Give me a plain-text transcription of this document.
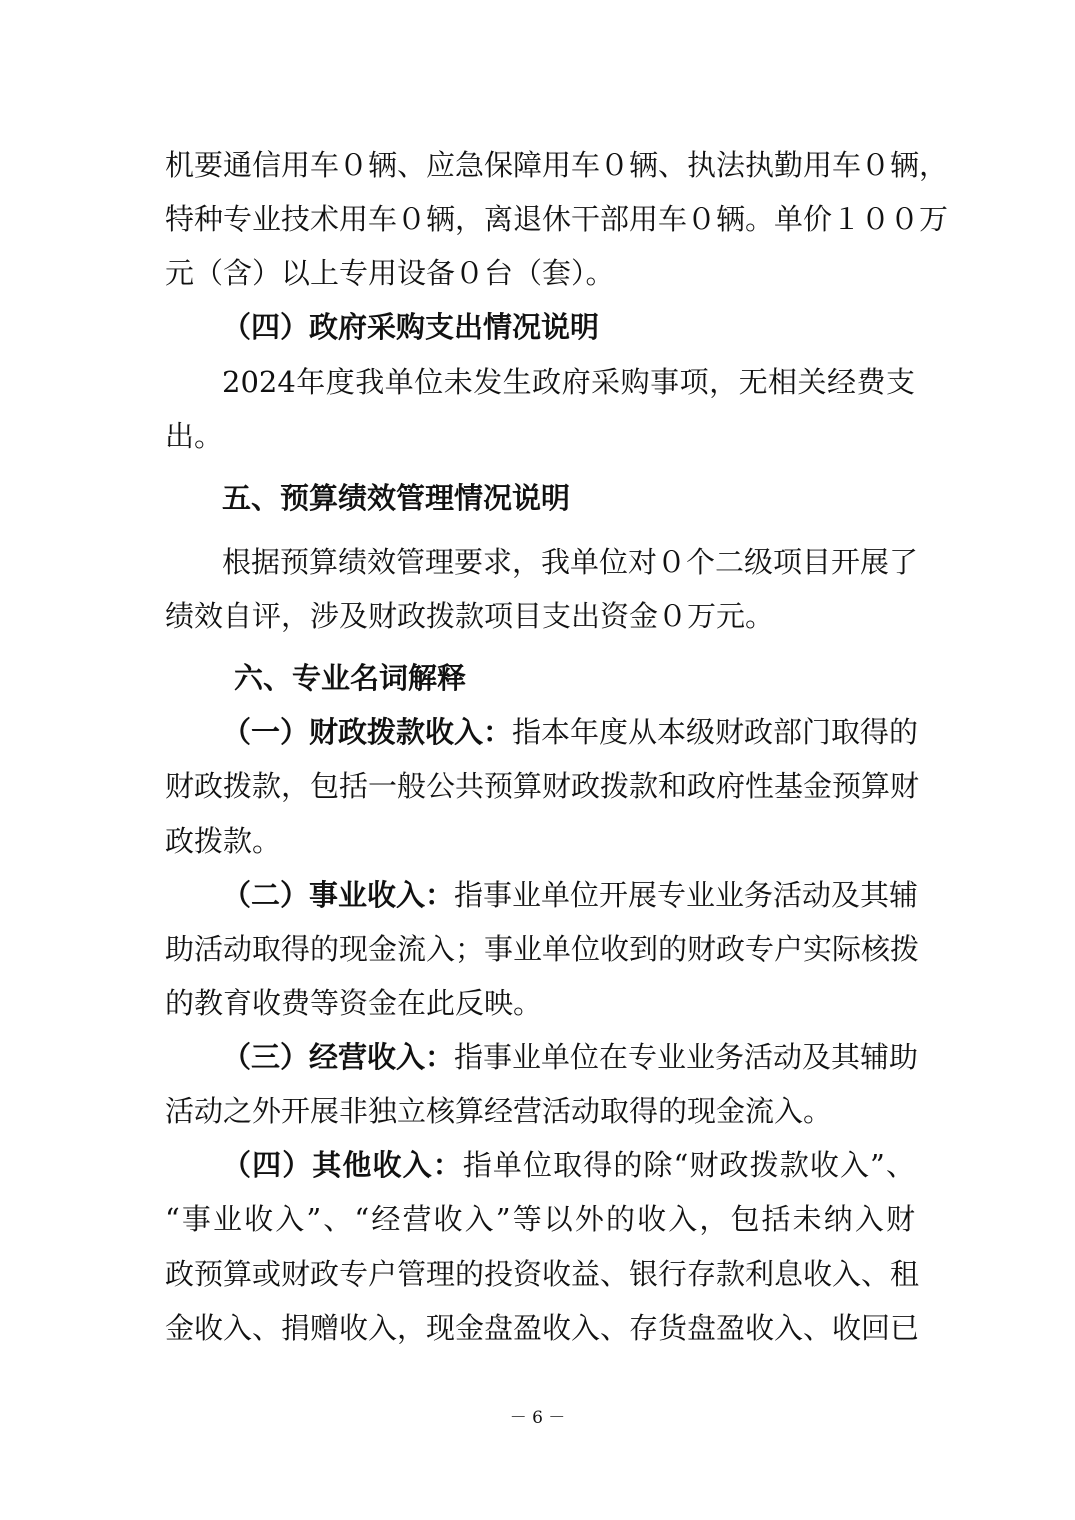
机要通信用车０辆、应急保障用车０辆、执法执勤用车０辆，
特种专业技术用车０辆，离退休干部用车０辆。单价１００万
元（含）以上专用设备０台（套）。
（四）政府采购支出情况说明
2024年度我单位未发生政府采购事项，无相关经费支
出。
五、预算绩效管理情况说明
根据预算绩效管理要求，我单位对０个二级项目开展了
绩效自评，涉及财政拨款项目支出资金０万元。
六、专业名词解释
（一）财政拨款收入：指本年度从本级财政部门取得的
财政拨款，包括一般公共预算财政拨款和政府性基金预算财
政拨款。
（二）事业收入：指事业单位开展专业业务活动及其辅
助活动取得的现金流入；事业单位收到的财政专户实际核拨
的教育收费等资金在此反映。
（三）经营收入：指事业单位在专业业务活动及其辅助
活动之外开展非独立核算经营活动取得的现金流入。
（四）其他收入：指单位取得的除“财政拨款收入”、
“事业收入”、“经营收入”等以外的收入，包括未纳入财
政预算或财政专户管理的投资收益、银行存款利息收入、租
金收入、捐赠收入，现金盘盈收入、存货盘盈收入、收回已
－ 6 －
